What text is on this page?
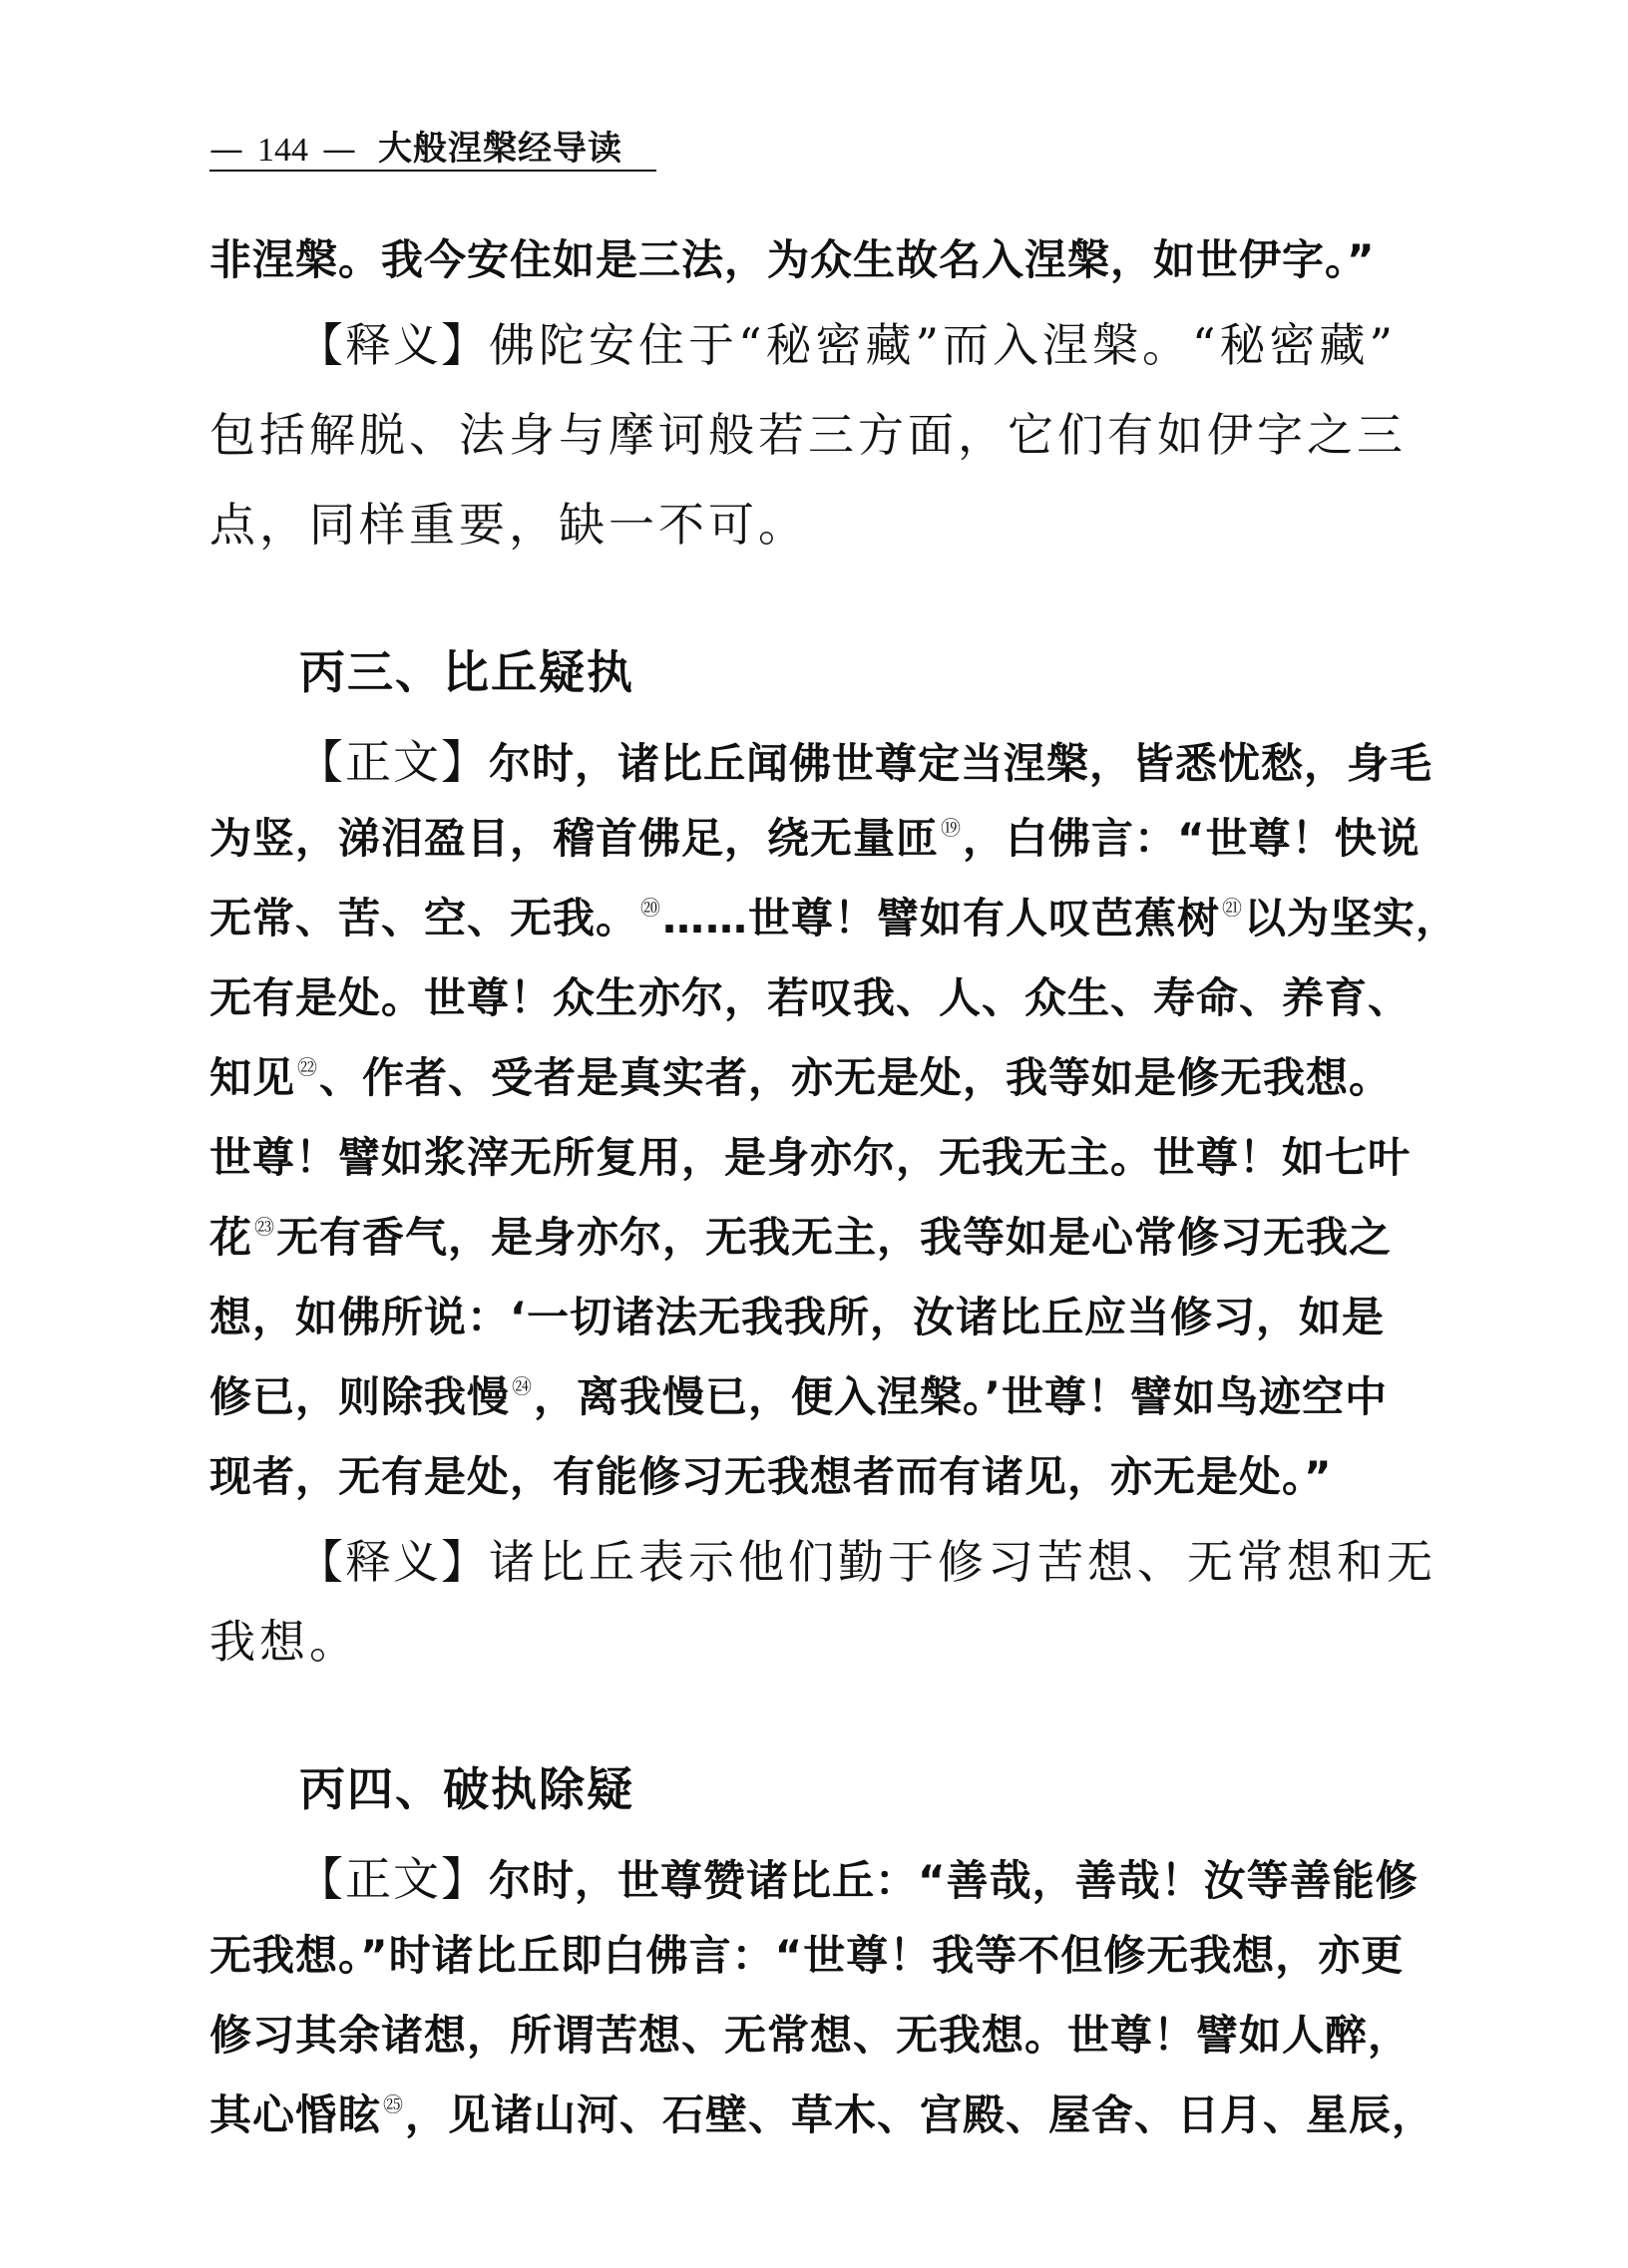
— 144 — 大般涅槃经导读
非涅槃。我今安住如是三法，为众生故名入涅槃，如世伊字。”
【释义】佛陀安住于“秘密藏”而入涅槃。“秘密藏”
包括解脱、法身与摩诃般若三方面，它们有如伊字之三
点，同样重要，缺一不可。
丙三、比丘疑执
【正文】尔时，诸比丘闻佛世尊定当涅槃，皆悉忧愁，身毛
为竖，涕泪盈目，稽首佛足，绕无量匝 ⑲，白佛言：“世尊！快说
无常、苦、空、无我。 ⑳……世尊！譬如有人叹芭蕉树 $^㉑$以为坚实，
无有是处。世尊！众生亦尔，若叹我、人、众生、寿命、养育、
知见 $^㉒$、作者、受者是真实者，亦无是处，我等如是修无我想。
世尊！譬如浆滓无所复用，是身亦尔，无我无主。世尊！如七叶
花 $^㉓$无有香气，是身亦尔，无我无主，我等如是心常修习无我之
想，如佛所说：‘一切诸法无我我所，汝诸比丘应当修习，如是
修已，则除我慢 $^㉔$，离我慢已，便入涅槃。’世尊！譬如鸟迹空中
现者，无有是处，有能修习无我想者而有诸见，亦无是处。”
【释义】诸比丘表示他们勤于修习苦想、无常想和无
我想。
丙四、破执除疑
【正文】尔时，世尊赞诸比丘：“善哉，善哉！汝等善能修
无我想。”时诸比丘即白佛言：“世尊！我等不但修无我想，亦更
修习其余诸想，所谓苦想、无常想、无我想。世尊！譬如人醉，
其心惛眩 $^㉕$，见诸山河、石壁、草木、宫殿、屋舍、日月、星辰，
